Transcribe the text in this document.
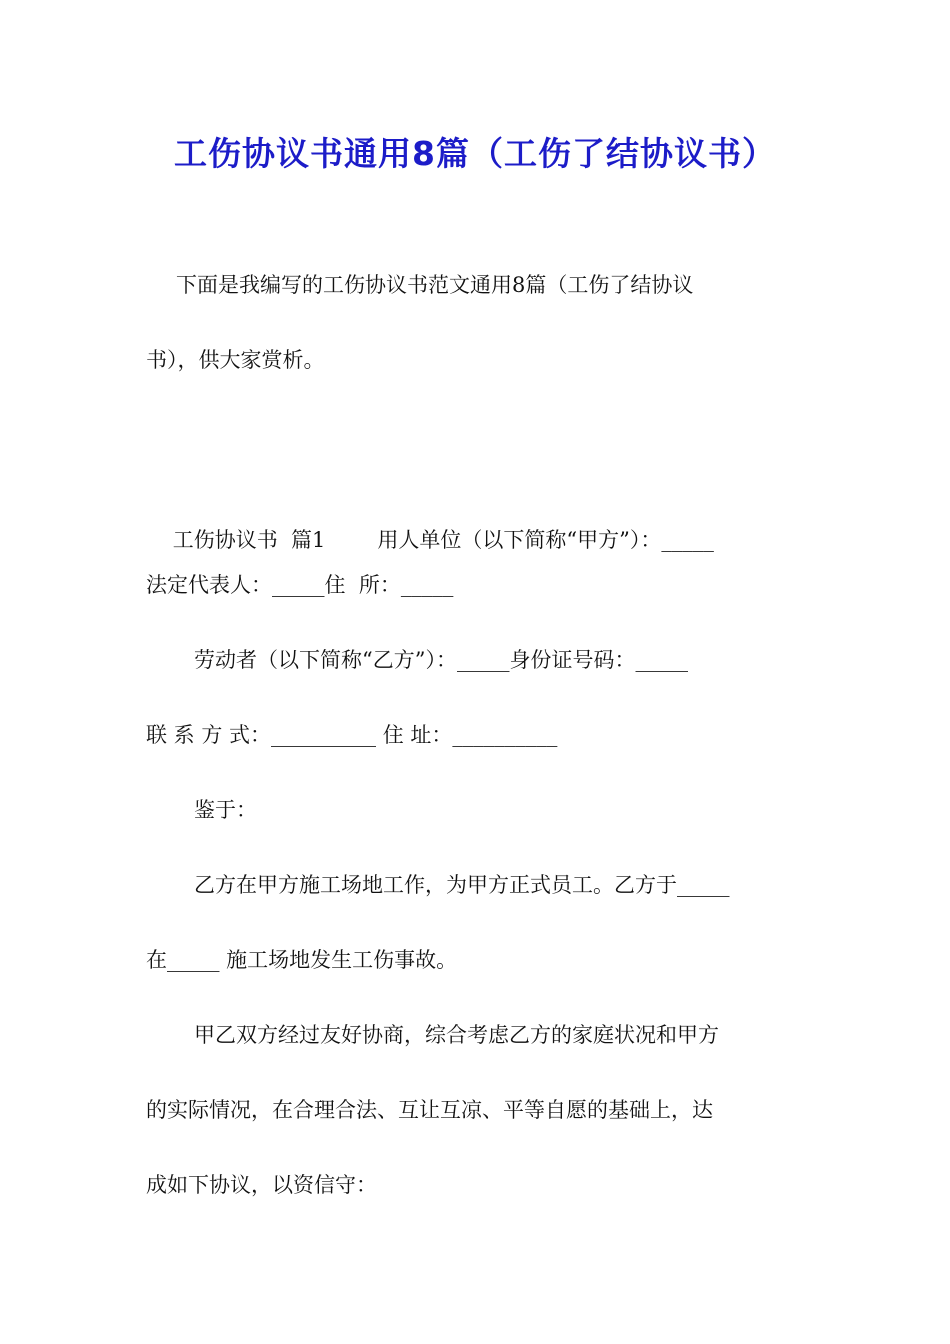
工伤协议书通用8篇（工伤了结协议书）
下面是我编写的工伤协议书范文通用8篇（工伤了结协议
书），供大家赏析。

工伤协议书  篇1 用人单位（以下简称“甲方”）：_____

法定代表人：_____住  所：_____
劳动者（以下简称“乙方”）：_____身份证号码：_____
联 系 方 式：__________ 住 址：__________
鉴于：
乙方在甲方施工场地工作，为甲方正式员工。乙方于_____
在_____ 施工场地发生工伤事故。
甲乙双方经过友好协商，综合考虑乙方的家庭状况和甲方
的实际情况，在合理合法、互让互凉、平等自愿的基础上，达
成如下协议，以资信守：
